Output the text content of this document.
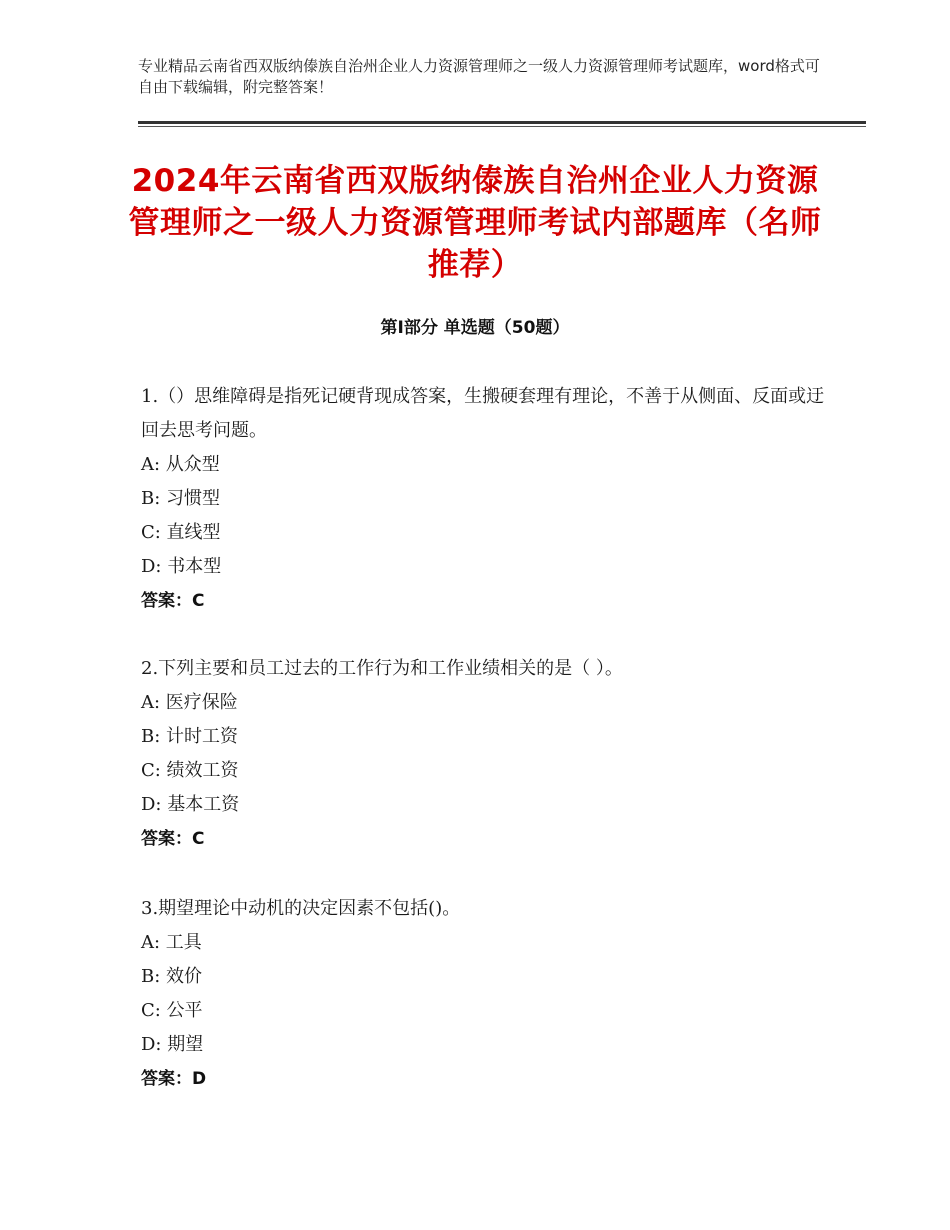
专业精品云南省西双版纳傣族自治州企业人力资源管理师之一级人力资源管理师考试题库，word格式可自由下载编辑，附完整答案！
2024年云南省西双版纳傣族自治州企业人力资源管理师之一级人力资源管理师考试内部题库（名师推荐）
第Ⅰ部分 单选题（50题）

1.（）思维障碍是指死记硬背现成答案，生搬硬套理有理论，不善于从侧面、反面或迂回去思考问题。

A: 从众型

B: 习惯型

C: 直线型

D: 书本型

答案：C

2.下列主要和员工过去的工作行为和工作业绩相关的是（ ）。

A: 医疗保险

B: 计时工资

C: 绩效工资

D: 基本工资

答案：C

3.期望理论中动机的决定因素不包括()。

A: 工具

B: 效价

C: 公平

D: 期望

答案：D
